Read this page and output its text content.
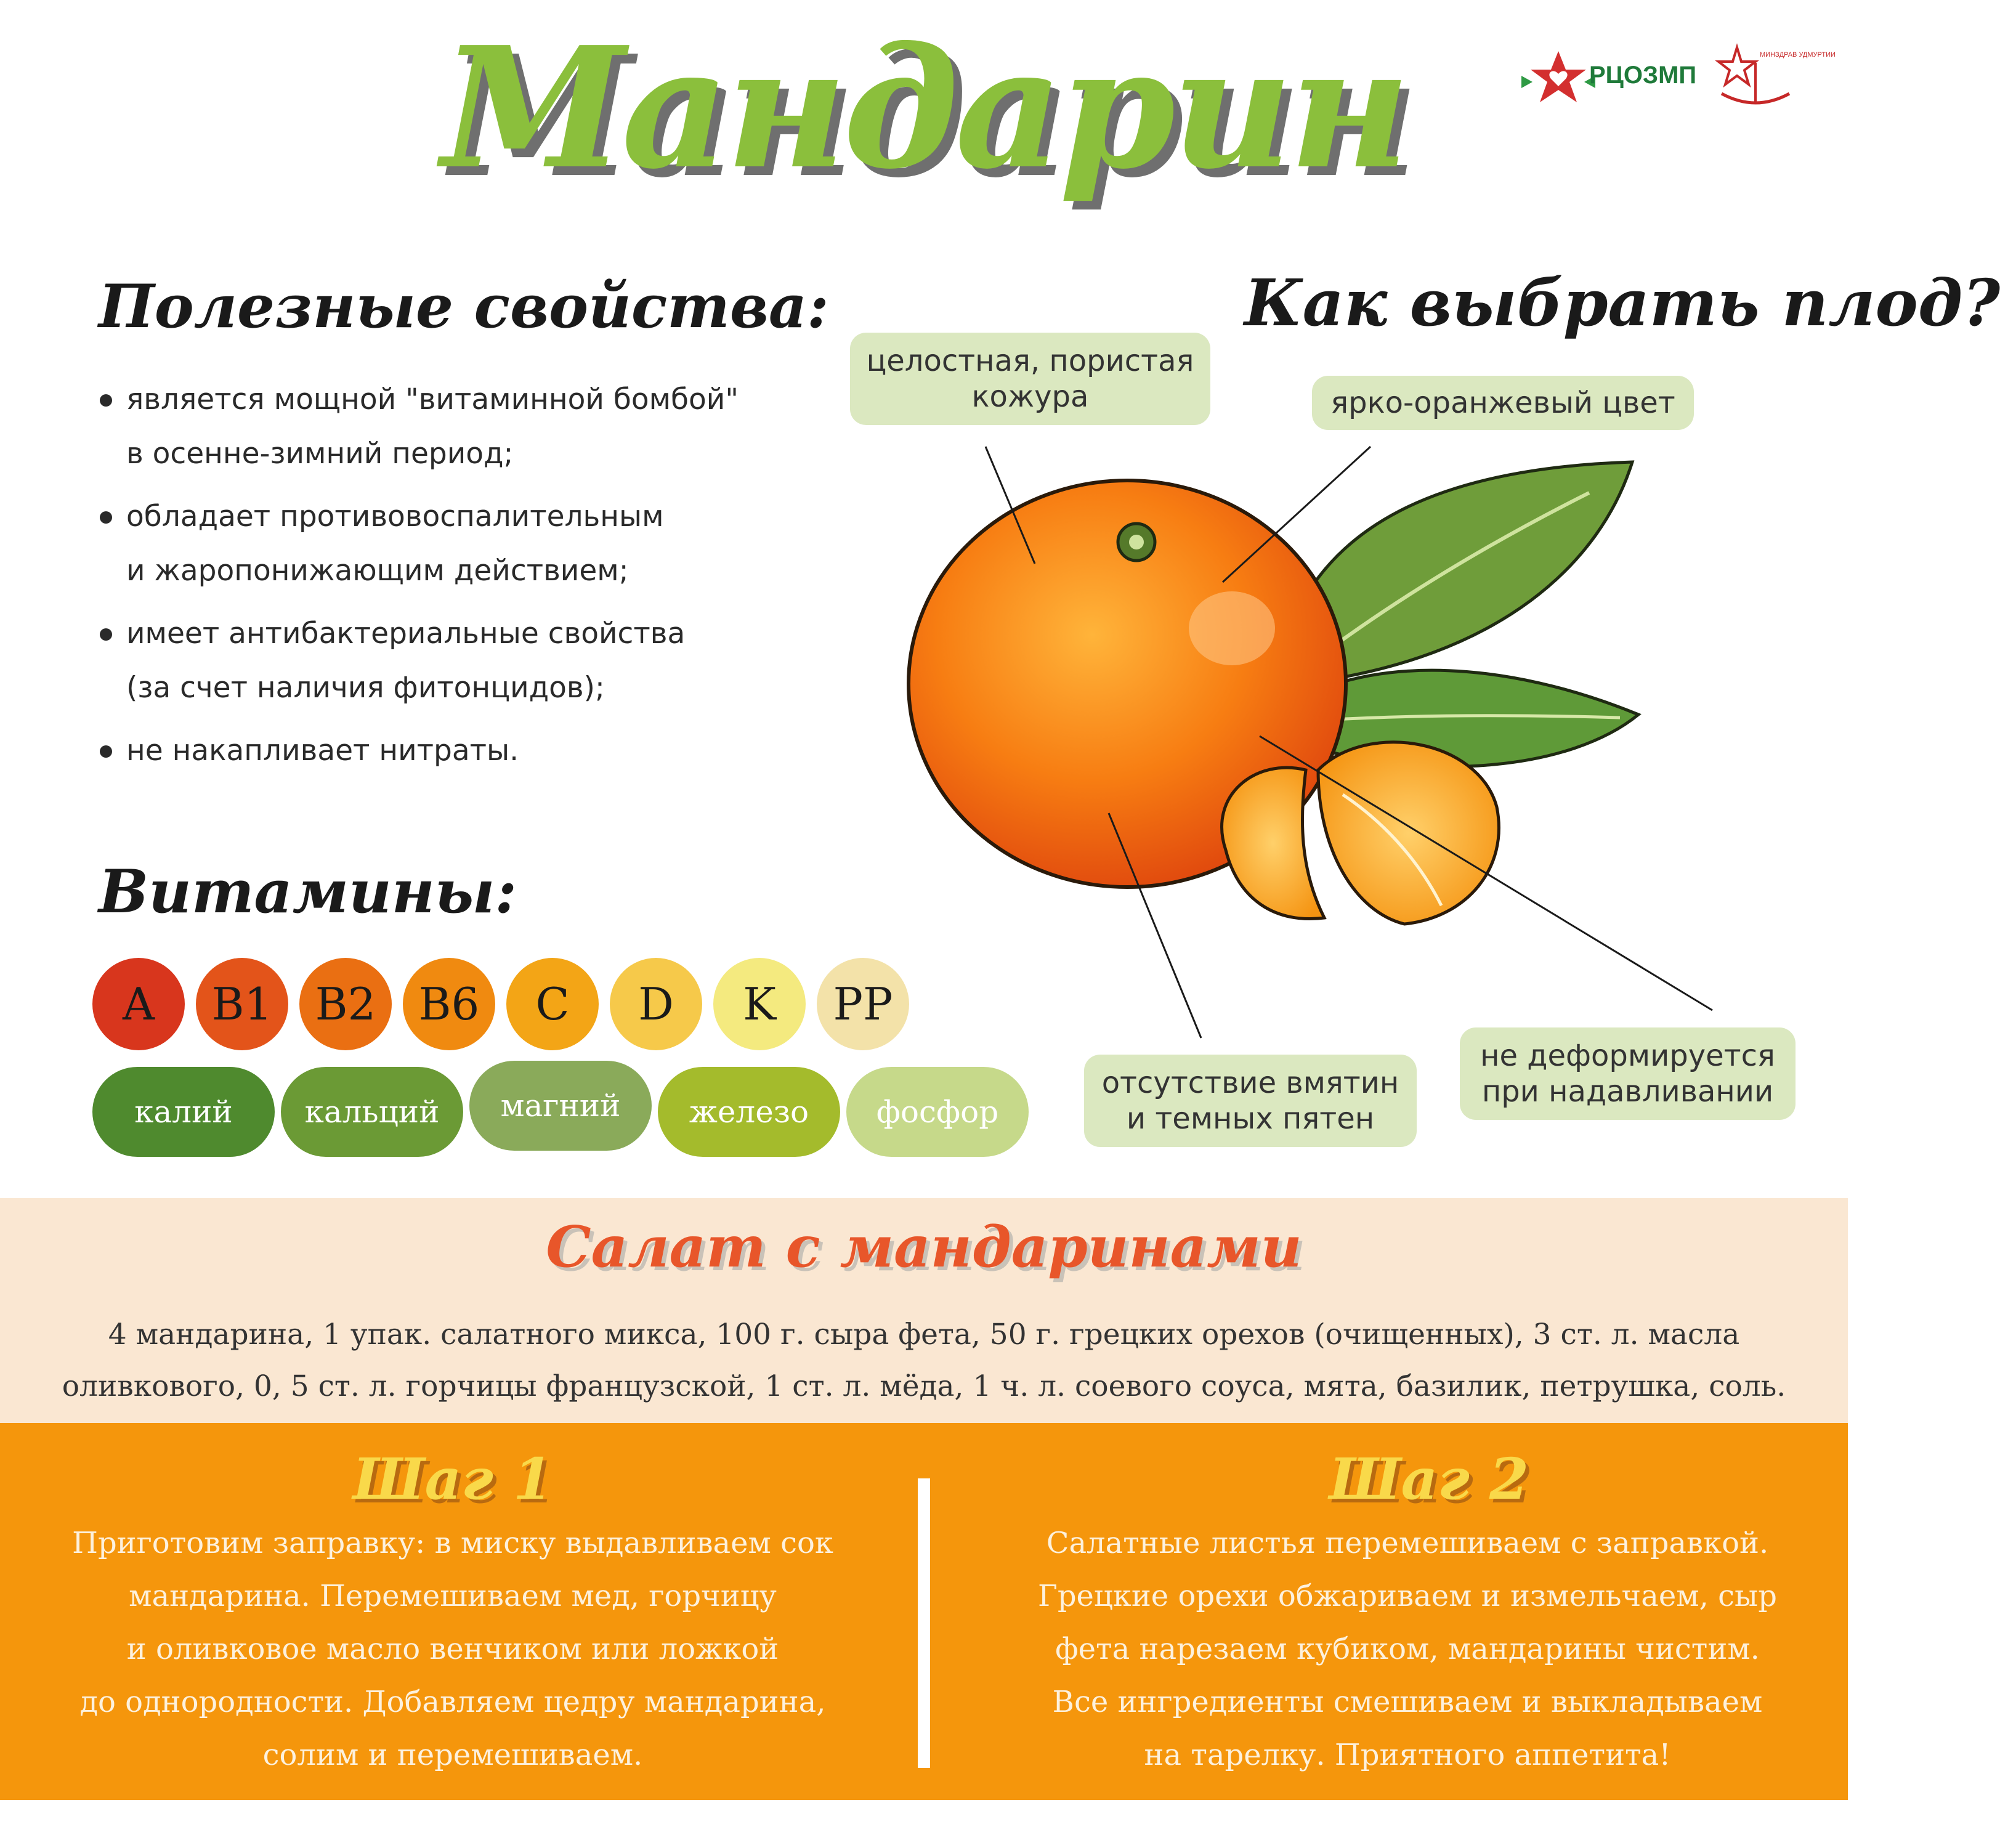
Мандарин	РЦОЗМП
МИНЗДРАВ УДМУРТИИ
Полезные свойства:
является мощной "витаминной бомбой"
в осенне-зимний период;
обладает противовоспалительным
и жаропонижающим действием;
имеет антибактериальные свойства
(за счет наличия фитонцидов);
не накапливает нитраты.
Витамины:
A	B1 B2 B6	C	D	K	PP
калий	кальций	магний	железо	фосфор
Как выбрать плод?
целостная, пористая
кожура	ярко-оранжевый цвет
отсутствие вмятин
и темных пятен
не деформируется
при надавливании
Салат с мандаринами
4 мандарина, 1 упак. салатного микса, 100 г. сыра фета, 50 г. грецких орехов (очищенных), 3 ст. л. масла
оливкового, 0, 5 ст. л. горчицы французской, 1 ст. л. мёда, 1 ч. л. соевого соуса, мята, базилик, петрушка, соль.
Шаг 1
Приготовим заправку: в миску выдавливаем сок
мандарина. Перемешиваем мед, горчицу
и оливковое масло венчиком или ложкой
до однородности. Добавляем цедру мандарина,
солим и перемешиваем.
Шаг 2
Салатные листья перемешиваем с заправкой.
Грецкие орехи обжариваем и измельчаем, сыр
фета нарезаем кубиком, мандарины чистим.
Все ингредиенты смешиваем и выкладываем
на тарелку. Приятного аппетита!
